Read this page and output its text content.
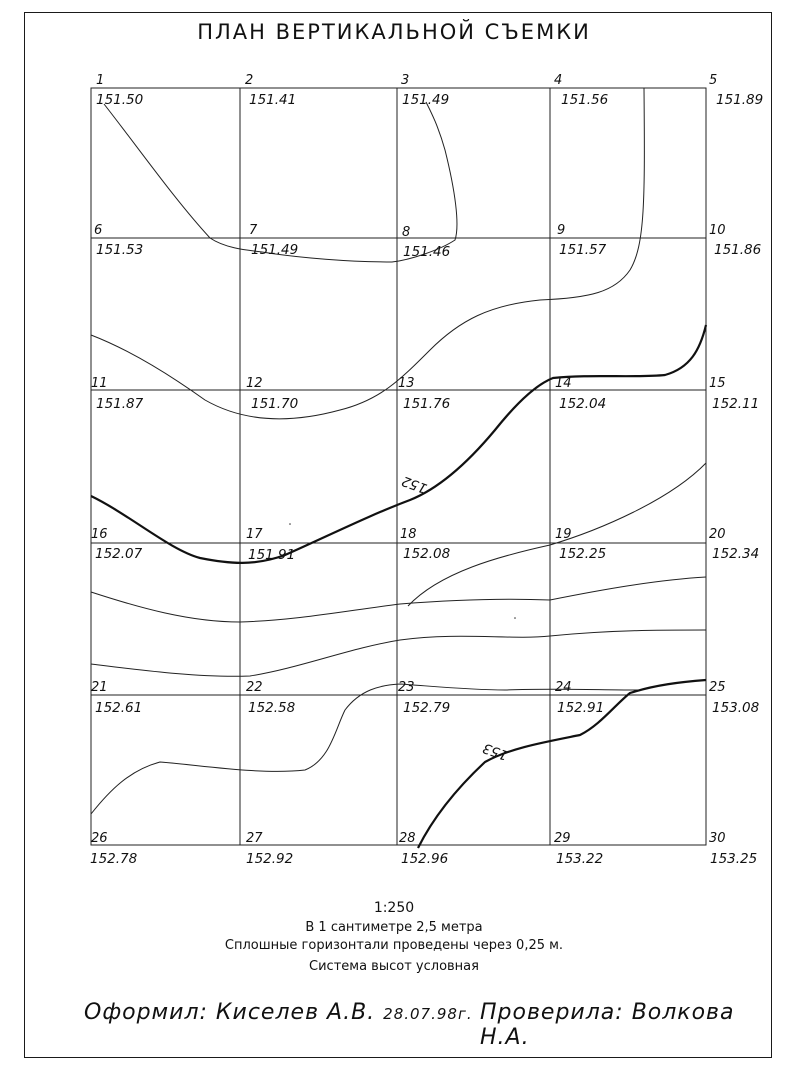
ПЛАН ВЕРТИКАЛЬНОЙ СЪЕМКИ
152
153
1	2	3	4	5
6	7	8	9	10
11	12	13	14	15
16	17	18	19	20
21	22	23	24	25
26	27	28	29	30
151.50	151.41	151.49	151.56	151.89
151.53	151.49	151.46	151.57	151.86
151.87	151.70	151.76	152.04	152.11
152.07	151.91	152.08	152.25	152.34
152.61	152.58	152.79	152.91	153.08
152.78	152.92	152.96	153.22	153.25
1:250
В 1 сантиметре 2,5 метра
Сплошные горизонтали проведены через 0,25 м.
Система высот условная
Оформил: Киселев А.В. 28.07.98г. Проверила: Волкова Н.А.
